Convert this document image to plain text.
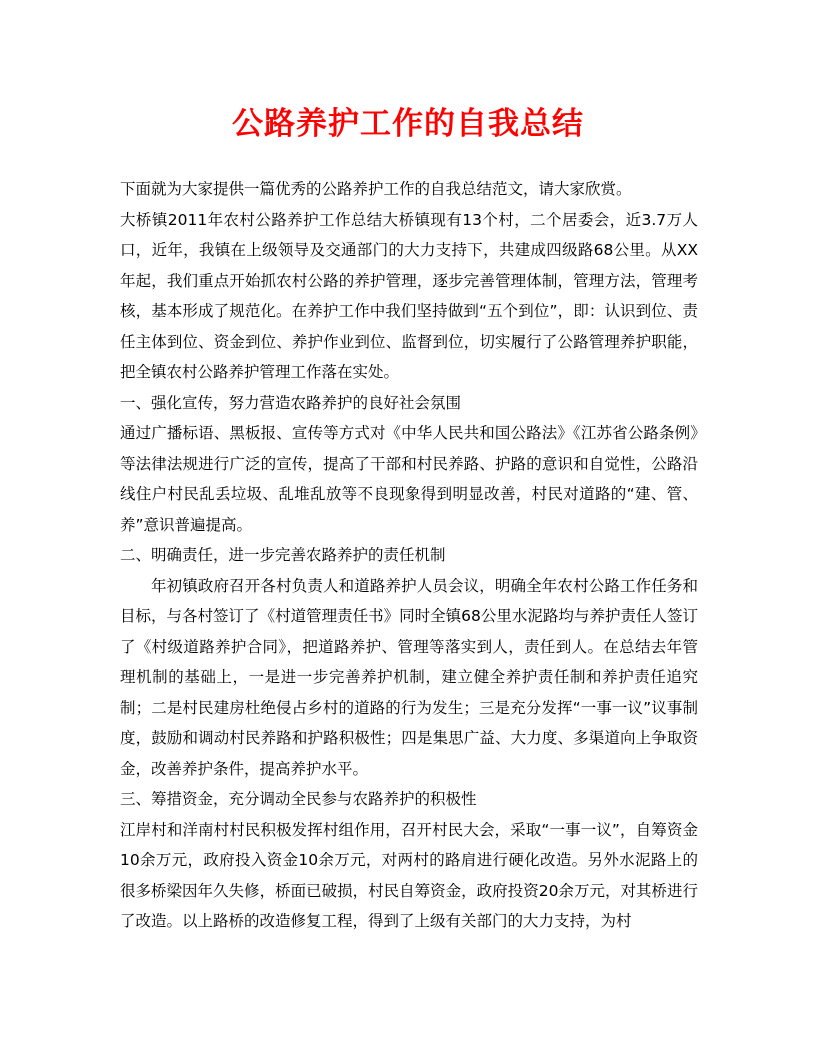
公路养护工作的自我总结

下面就为大家提供一篇优秀的公路养护工作的自我总结范文，请大家欣赏。

大桥镇2011年农村公路养护工作总结大桥镇现有13个村，二个居委会，近3.7万人口，近年，我镇在上级领导及交通部门的大力支持下，共建成四级路68公里。从XX年起，我们重点开始抓农村公路的养护管理，逐步完善管理体制，管理方法，管理考核，基本形成了规范化。在养护工作中我们坚持做到“五个到位”，即：认识到位、责任主体到位、资金到位、养护作业到位、监督到位，切实履行了公路管理养护职能，把全镇农村公路养护管理工作落在实处。

一、强化宣传，努力营造农路养护的良好社会氛围

通过广播标语、黑板报、宣传等方式对《中华人民共和国公路法》《江苏省公路条例》等法律法规进行广泛的宣传，提高了干部和村民养路、护路的意识和自觉性，公路沿线住户村民乱丢垃圾、乱堆乱放等不良现象得到明显改善，村民对道路的“建、管、养”意识普遍提高。

二、明确责任，进一步完善农路养护的责任机制

年初镇政府召开各村负责人和道路养护人员会议，明确全年农村公路工作任务和目标，与各村签订了《村道管理责任书》同时全镇68公里水泥路均与养护责任人签订了《村级道路养护合同》，把道路养护、管理等落实到人，责任到人。在总结去年管理机制的基础上，一是进一步完善养护机制，建立健全养护责任制和养护责任追究制；二是村民建房杜绝侵占乡村的道路的行为发生；三是充分发挥“一事一议”议事制度，鼓励和调动村民养路和护路积极性；四是集思广益、大力度、多渠道向上争取资金，改善养护条件，提高养护水平。

三、筹措资金，充分调动全民参与农路养护的积极性

江岸村和洋南村村民积极发挥村组作用，召开村民大会，采取“一事一议”，自筹资金10余万元，政府投入资金10余万元，对两村的路肩进行硬化改造。另外水泥路上的很多桥梁因年久失修，桥面已破损，村民自筹资金，政府投资20余万元，对其桥进行了改造。以上路桥的改造修复工程，得到了上级有关部门的大力支持，为村
